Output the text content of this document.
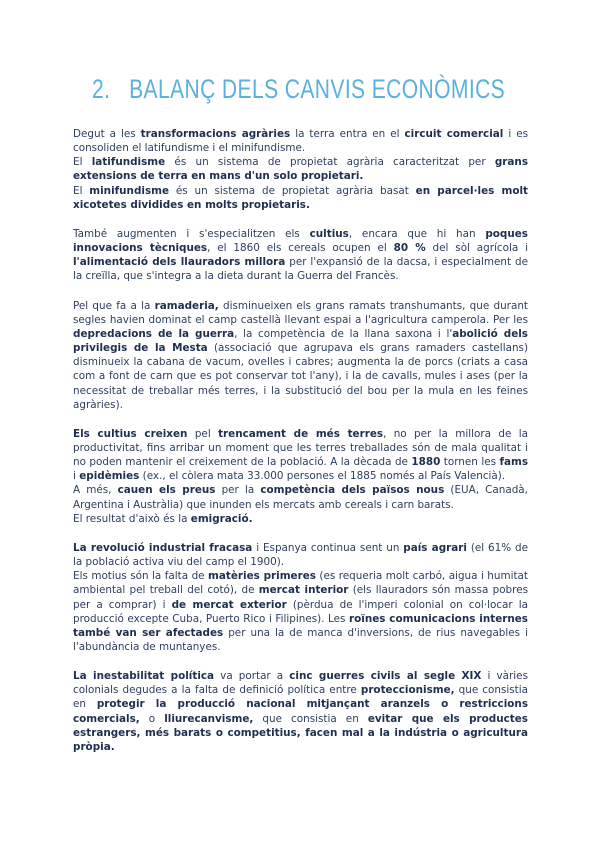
2. BALANÇ DELS CANVIS ECONÒMICS

Degut a les transformacions agràries la terra entra en el circuit comercial i es consoliden el latifundisme i el minifundisme.
El latifundisme és un sistema de propietat agrària caracteritzat per grans extensions de terra en mans d'un solo propietari.
El minifundisme és un sistema de propietat agrària basat en parcel·les molt xicotetes dividides en molts propietaris.

També augmenten i s'especialitzen els cultius, encara que hi han poques innovacions tècniques, el 1860 els cereals ocupen el 80 % del sòl agrícola i l'alimentació dels llauradors millora per l'expansió de la dacsa, i especialment de la creïlla, que s'integra a la dieta durant la Guerra del Francès.

Pel que fa a la ramaderia, disminueixen els grans ramats transhumants, que durant segles havien dominat el camp castellà llevant espai a l'agricultura camperola. Per les depredacions de la guerra, la competència de la llana saxona i l'abolició dels privilegis de la Mesta (associació que agrupava els grans ramaders castellans) disminueix la cabana de vacum, ovelles i cabres; augmenta la de porcs (criats a casa com a font de carn que es pot conservar tot l'any), i la de cavalls, mules i ases (per la necessitat de treballar més terres, i la substitució del bou per la mula en les feines agràries).

Els cultius creixen pel trencament de més terres, no per la millora de la productivitat, fins arribar un moment que les terres treballades són de mala qualitat i no poden mantenir el creixement de la població. A la dècada de 1880 tornen les fams i epidèmies (ex., el còlera mata 33.000 persones el 1885 només al País Valencià).
A més, cauen els preus per la competència dels països nous (EUA, Canadà, Argentina i Austràlia) que inunden els mercats amb cereals i carn barats.
El resultat d'això és la emigració.

La revolució industrial fracasa i Espanya continua sent un país agrari (el 61% de la població activa viu del camp el 1900).
Els motius són la falta de matèries primeres (es requeria molt carbó, aigua i humitat ambiental pel treball del cotó), de mercat interior (els llauradors són massa pobres per a comprar) i de mercat exterior (pèrdua de l'imperi colonial on col·locar la producció excepte Cuba, Puerto Rico i Filipines). Les roïnes comunicacions internes també van ser afectades per una la de manca d'inversions, de rius navegables i l'abundància de muntanyes.

La inestabilitat política va portar a cinc guerres civils al segle XIX i vàries colonials degudes a la falta de definició política entre proteccionisme, que consistia en protegir la producció nacional mitjançant aranzels o restriccions comercials, o lliurecanvisme, que consistia en evitar que els productes estrangers, més barats o competitius, facen mal a la indústria o agricultura pròpia.
